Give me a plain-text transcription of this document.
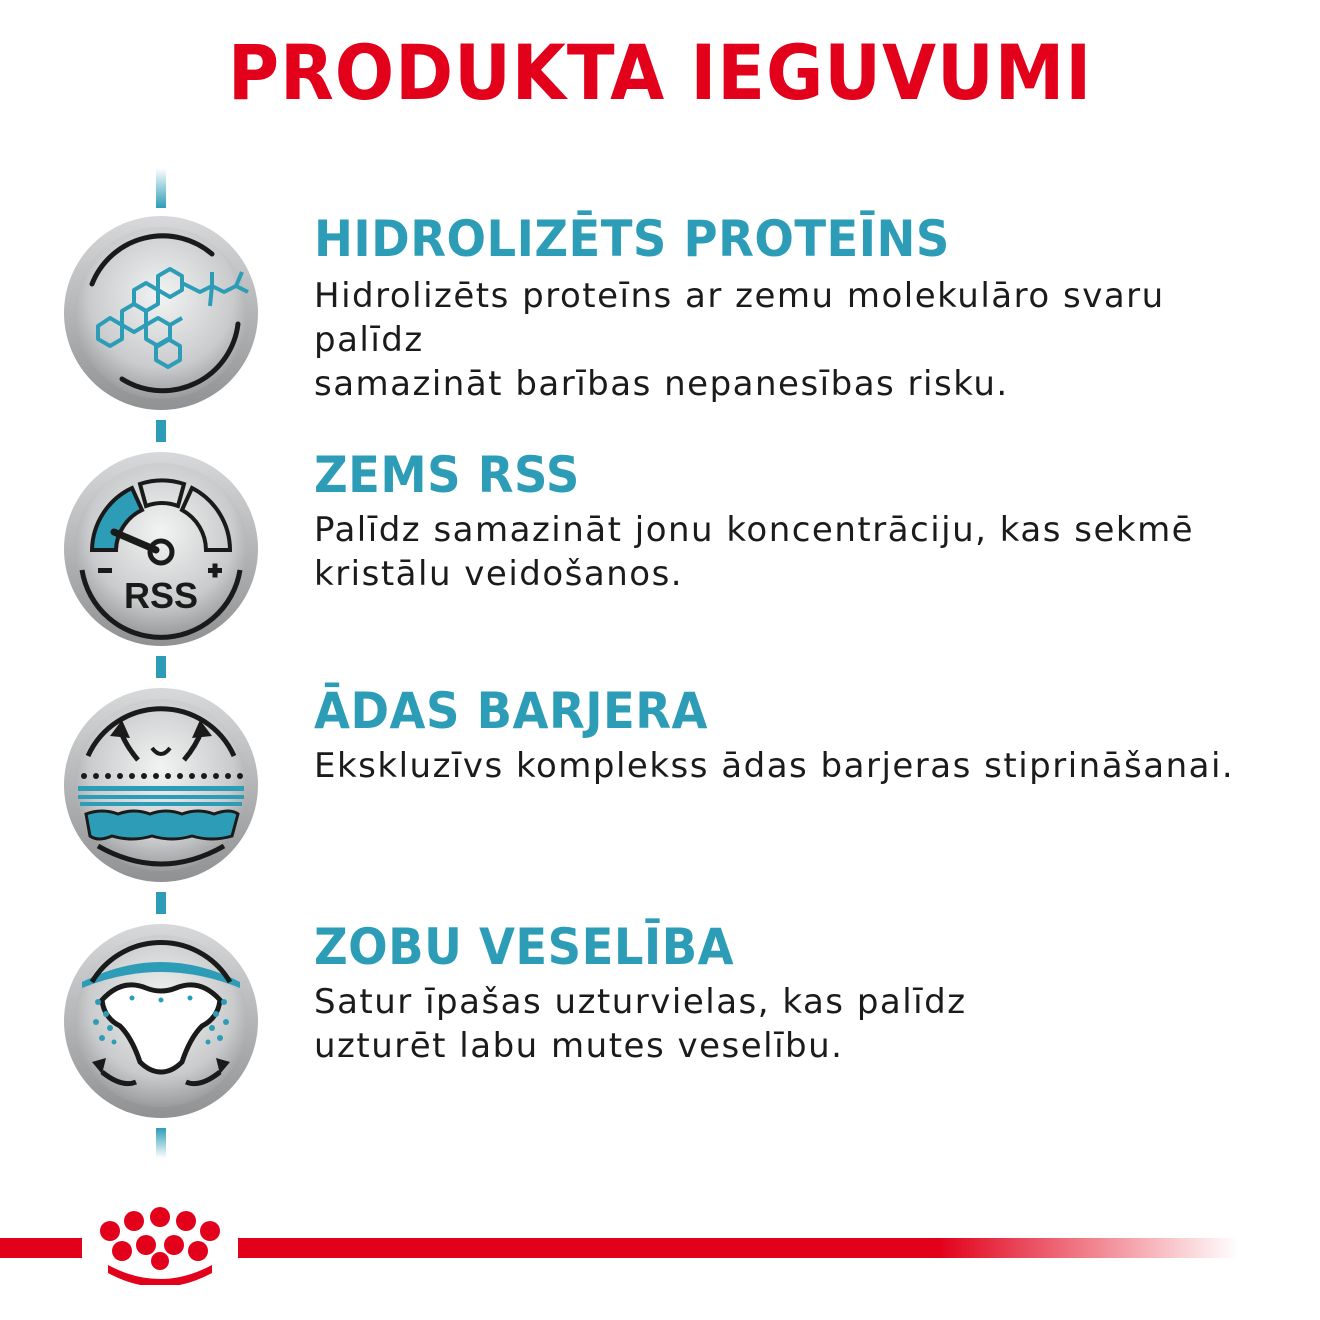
PRODUKTA IEGUVUMI
HIDROLIZĒTS PROTEĪNS
Hidrolizēts proteīns ar zemu molekulāro svaru palīdz
samazināt barības nepanesības risku.
RSS
ZEMS RSS
Palīdz samazināt jonu koncentrāciju, kas sekmē
kristālu veidošanos.
ĀDAS BARJERA
Ekskluzīvs komplekss ādas barjeras stiprināšanai.
ZOBU VESELĪBA
Satur īpašas uzturvielas, kas palīdz
uzturēt labu mutes veselību.
